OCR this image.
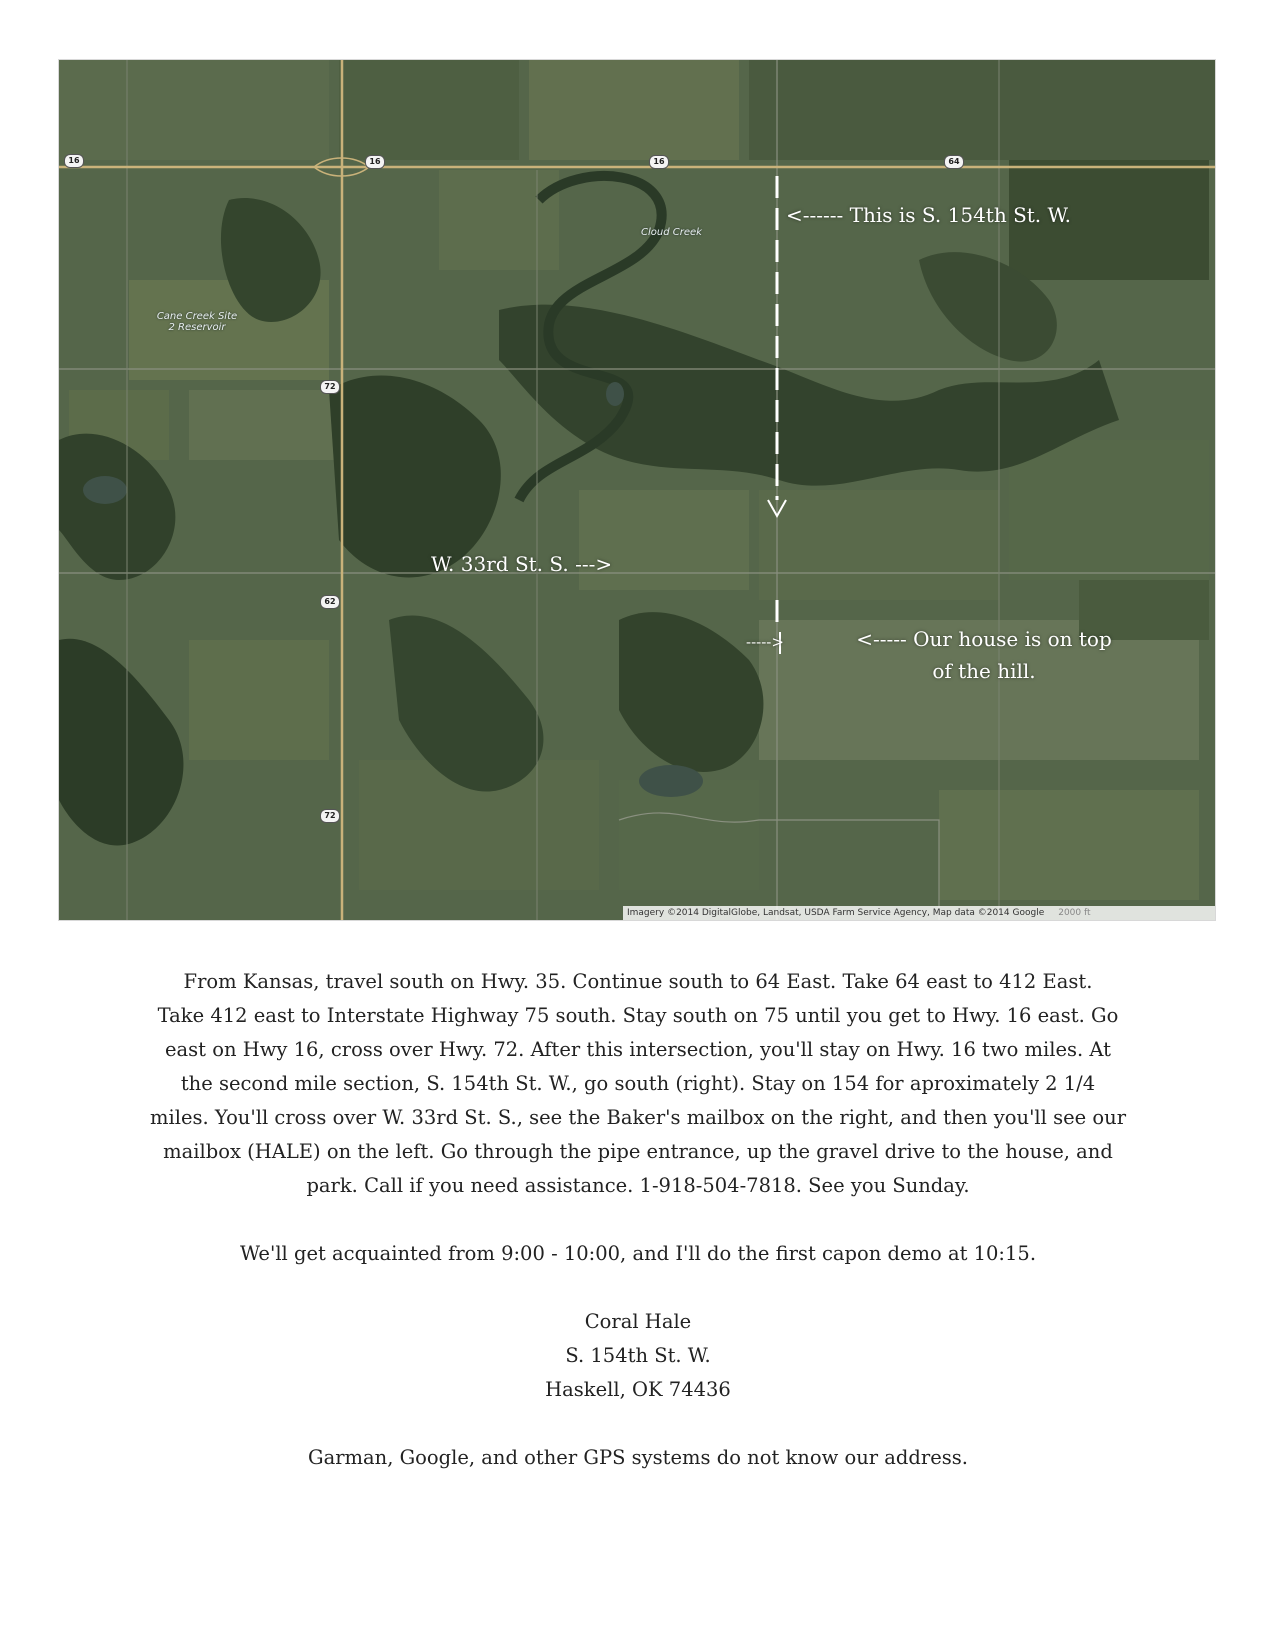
16	16	16	64
72
62
72
Cloud Creek
Cane Creek Site
2 Reservoir
<------ This is S. 154th St. W.
W. 33rd St. S. --->
----->	<----- Our house is on top
of the hill.
Imagery ©2014 DigitalGlobe, Landsat, USDA Farm Service Agency, Map data ©2014 Google 2000 ft

From Kansas, travel south on Hwy. 35. Continue south to 64 East. Take 64 east to 412 East.

Take 412 east to Interstate Highway 75 south. Stay south on 75 until you get to Hwy. 16 east. Go

east on Hwy 16, cross over Hwy. 72. After this intersection, you'll stay on Hwy. 16 two miles. At

the second mile section, S. 154th St. W., go south (right). Stay on 154 for aproximately 2 1/4

miles. You'll cross over W. 33rd St. S., see the Baker's mailbox on the right, and then you'll see our

mailbox (HALE) on the left. Go through the pipe entrance, up the gravel drive to the house, and

park. Call if you need assistance. 1-918-504-7818. See you Sunday.

We'll get acquainted from 9:00 - 10:00, and I'll do the first capon demo at 10:15.

Coral Hale

S. 154th St. W.

Haskell, OK 74436

Garman, Google, and other GPS systems do not know our address.
